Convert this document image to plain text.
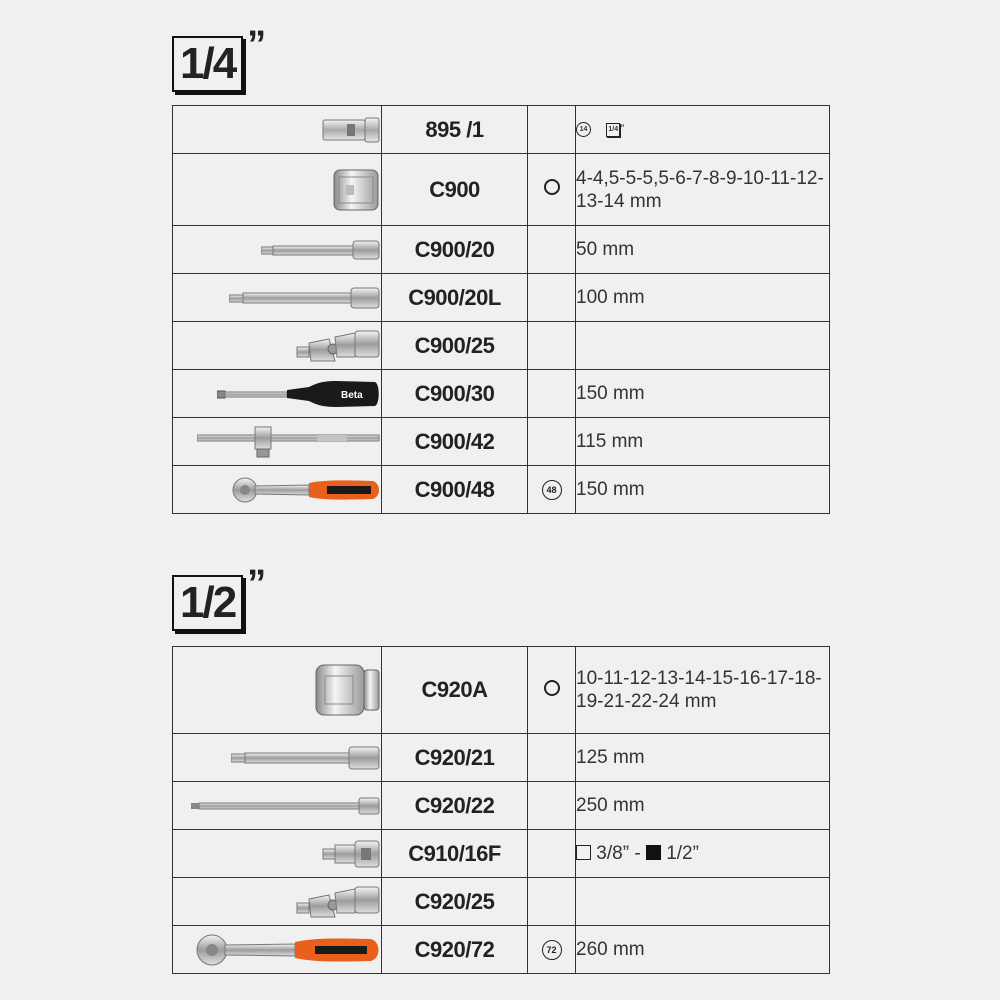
1/4 ”
	895 /1		14 1/4 ”
	C900		4-4,5-5-5,5-6-7-8-9-10-11-12-13-14 mm
	C900/20		50 mm
	C900/20L		100 mm
	C900/25		

Beta	C900/30		150 mm
	C900/42		115 mm
	C900/48	48	150 mm
1/2 ”
	C920A		10-11-12-13-14-15-16-17-18-19-21-22-24 mm
	C920/21		125 mm
	C920/22		250 mm
	C910/16F		3/8” - 1/2”
	C920/25		
	C920/72	72	260 mm
